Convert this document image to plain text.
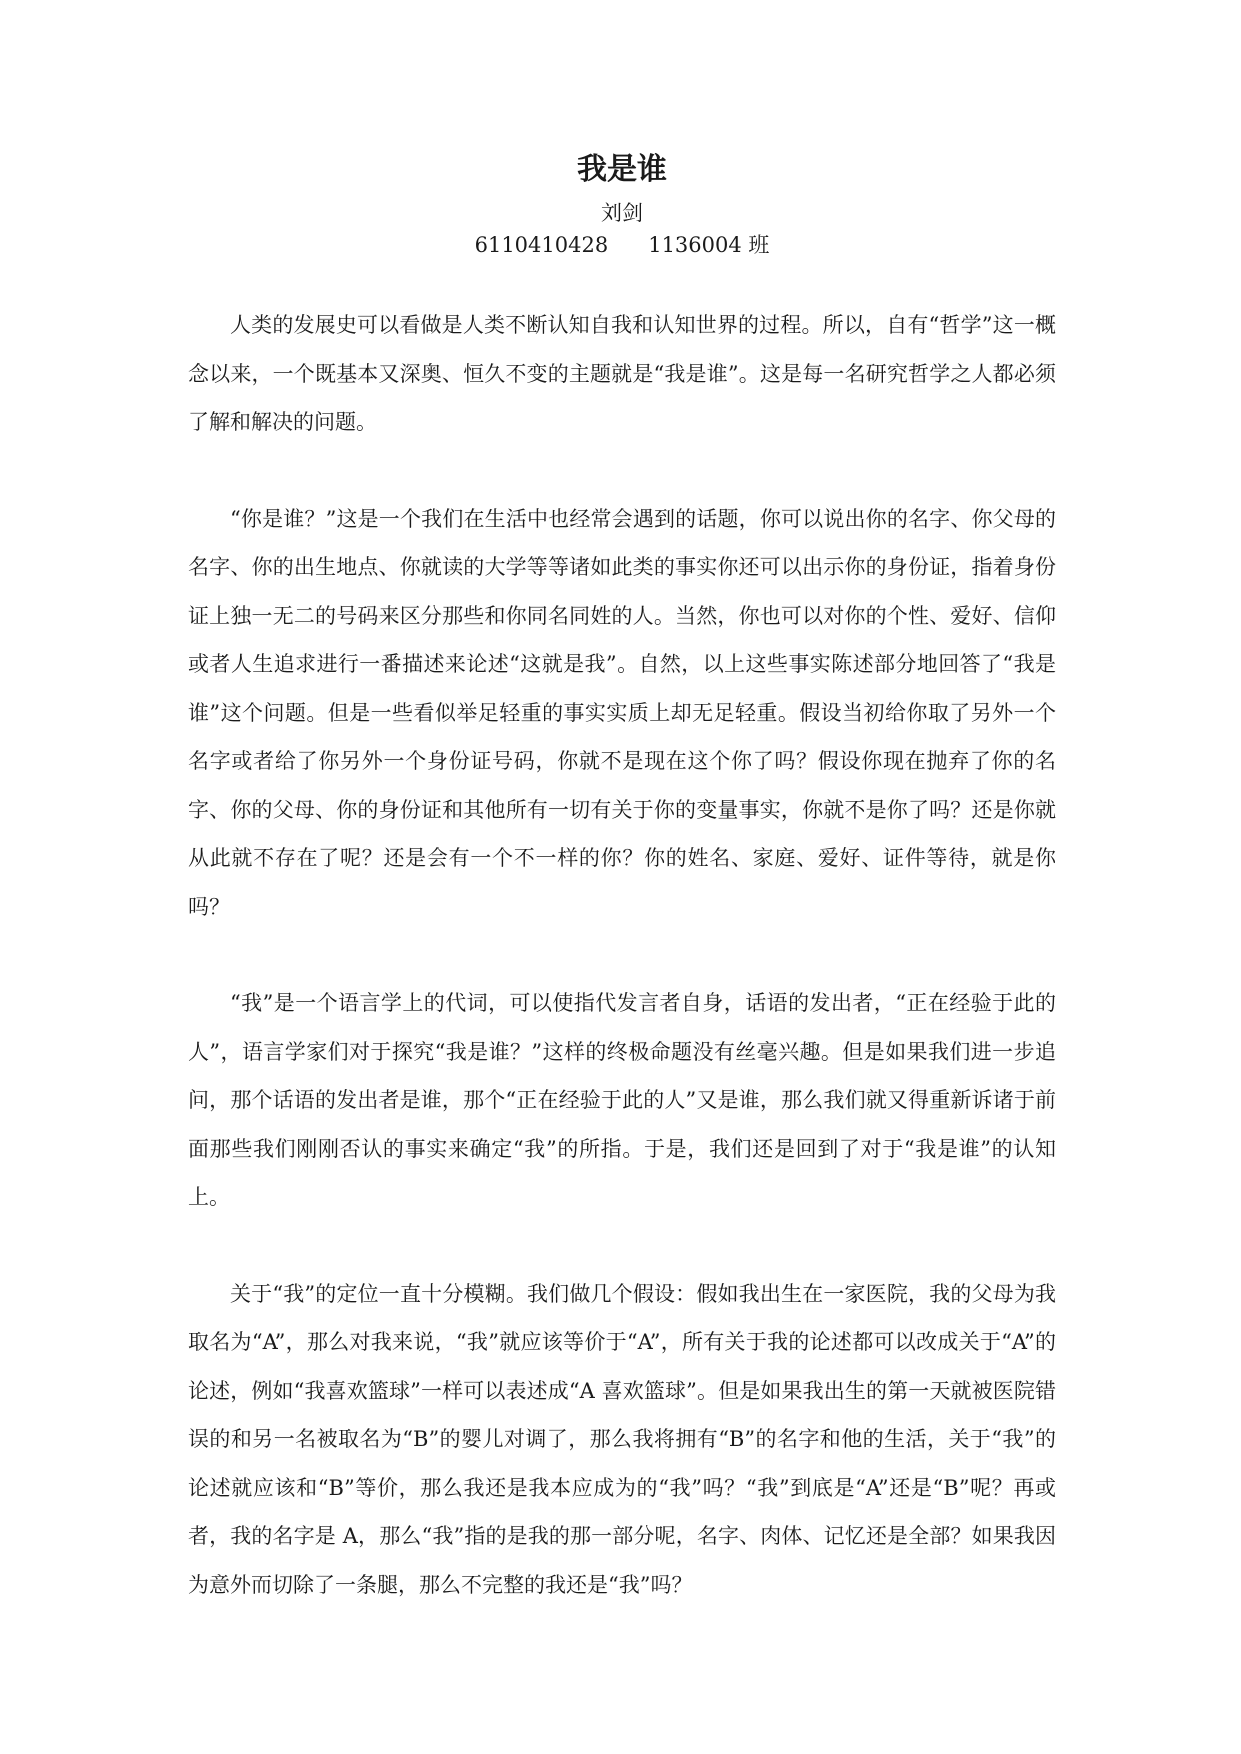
我是谁
刘剑
6110410428 1136004 班

人类的发展史可以看做是人类不断认知自我和认知世界的过程。所以，自有“哲学”这一概念以来，一个既基本又深奥、恒久不变的主题就是“我是谁”。这是每一名研究哲学之人都必须了解和解决的问题。

“你是谁？”这是一个我们在生活中也经常会遇到的话题，你可以说出你的名字、你父母的名字、你的出生地点、你就读的大学等等诸如此类的事实你还可以出示你的身份证，指着身份证上独一无二的号码来区分那些和你同名同姓的人。当然，你也可以对你的个性、爱好、信仰或者人生追求进行一番描述来论述“这就是我”。自然，以上这些事实陈述部分地回答了“我是谁”这个问题。但是一些看似举足轻重的事实实质上却无足轻重。假设当初给你取了另外一个名字或者给了你另外一个身份证号码，你就不是现在这个你了吗？假设你现在抛弃了你的名字、你的父母、你的身份证和其他所有一切有关于你的变量事实，你就不是你了吗？还是你就从此就不存在了呢？还是会有一个不一样的你？你的姓名、家庭、爱好、证件等待，就是你吗？

“我”是一个语言学上的代词，可以使指代发言者自身，话语的发出者，“正在经验于此的人”，语言学家们对于探究“我是谁？”这样的终极命题没有丝毫兴趣。但是如果我们进一步追问，那个话语的发出者是谁，那个“正在经验于此的人”又是谁，那么我们就又得重新诉诸于前面那些我们刚刚否认的事实来确定“我”的所指。于是，我们还是回到了对于“我是谁”的认知上。

关于“我”的定位一直十分模糊。我们做几个假设：假如我出生在一家医院，我的父母为我取名为“A”，那么对我来说，“我”就应该等价于“A”，所有关于我的论述都可以改成关于“A”的论述，例如“我喜欢篮球”一样可以表述成“A 喜欢篮球”。但是如果我出生的第一天就被医院错误的和另一名被取名为“B”的婴儿对调了，那么我将拥有“B”的名字和他的生活，关于“我”的论述就应该和“B”等价，那么我还是我本应成为的“我”吗？“我”到底是“A”还是“B”呢？再或者，我的名字是 A，那么“我”指的是我的那一部分呢，名字、肉体、记忆还是全部？如果我因为意外而切除了一条腿，那么不完整的我还是“我”吗？
